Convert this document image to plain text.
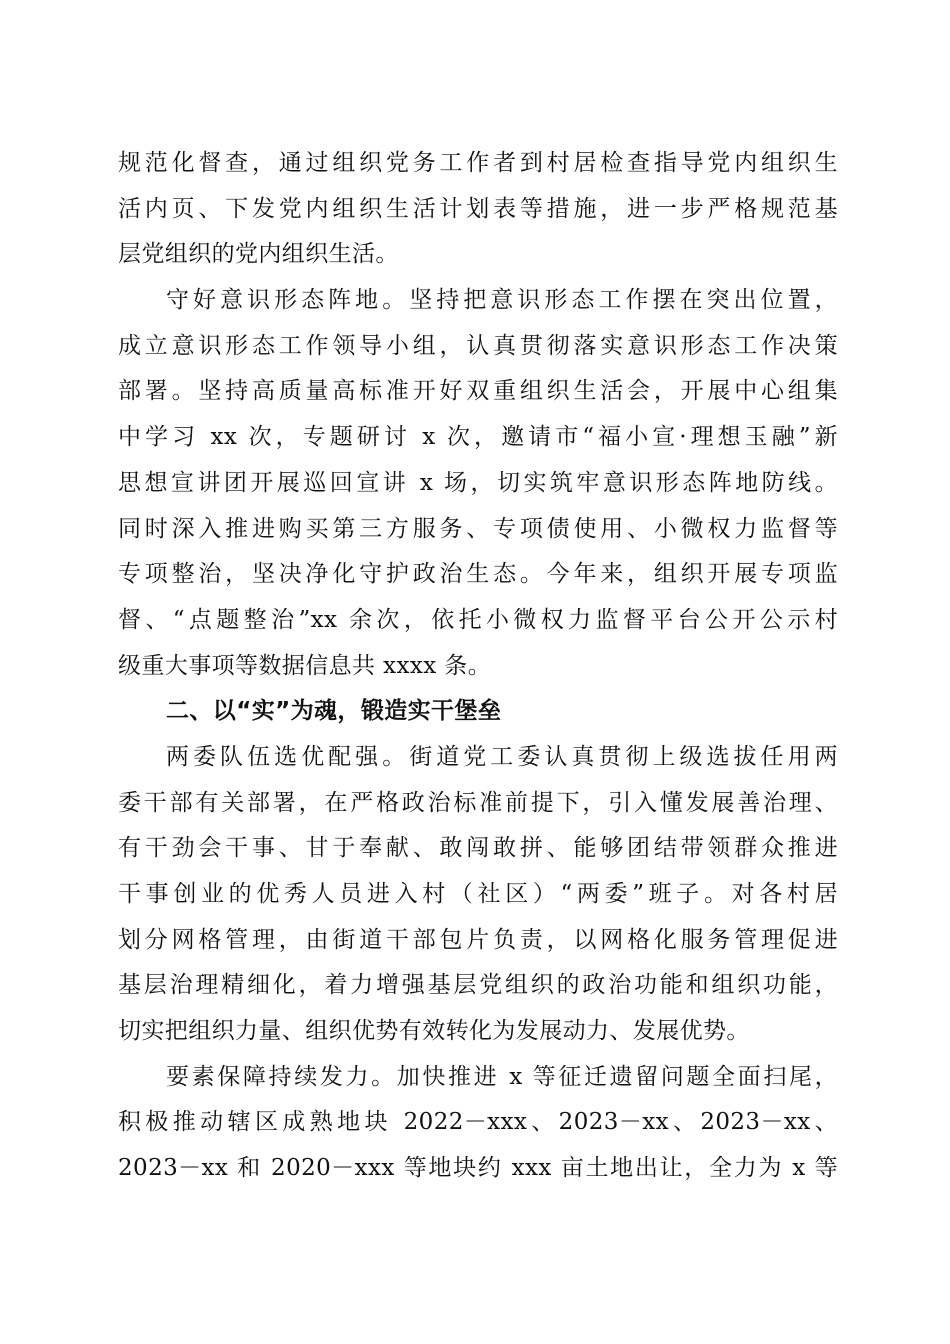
规范化督查，通过组织党务工作者到村居检查指导党内组织生
活内页、下发党内组织生活计划表等措施，进一步严格规范基
层党组织的党内组织生活。
守好意识形态阵地。坚持把意识形态工作摆在突出位置，
成立意识形态工作领导小组，认真贯彻落实意识形态工作决策
部署。坚持高质量高标准开好双重组织生活会，开展中心组集
中学习 xx 次，专题研讨 x 次，邀请市“福小宣·理想玉融”新
思想宣讲团开展巡回宣讲 x 场，切实筑牢意识形态阵地防线。
同时深入推进购买第三方服务、专项债使用、小微权力监督等
专项整治，坚决净化守护政治生态。今年来，组织开展专项监
督、“点题整治”xx 余次，依托小微权力监督平台公开公示村
级重大事项等数据信息共 xxxx 条。
二、以“实”为魂，锻造实干堡垒
两委队伍选优配强。街道党工委认真贯彻上级选拔任用两
委干部有关部署，在严格政治标准前提下，引入懂发展善治理、
有干劲会干事、甘于奉献、敢闯敢拼、能够团结带领群众推进
干事创业的优秀人员进入村（社区）“两委”班子。对各村居
划分网格管理，由街道干部包片负责，以网格化服务管理促进
基层治理精细化，着力增强基层党组织的政治功能和组织功能，
切实把组织力量、组织优势有效转化为发展动力、发展优势。
要素保障持续发力。加快推进 x 等征迁遗留问题全面扫尾，
积极推动辖区成熟地块 2022－xxx、2023－xx、2023－xx、
2023－xx 和 2020－xxx 等地块约 xxx 亩土地出让，全力为 x 等
